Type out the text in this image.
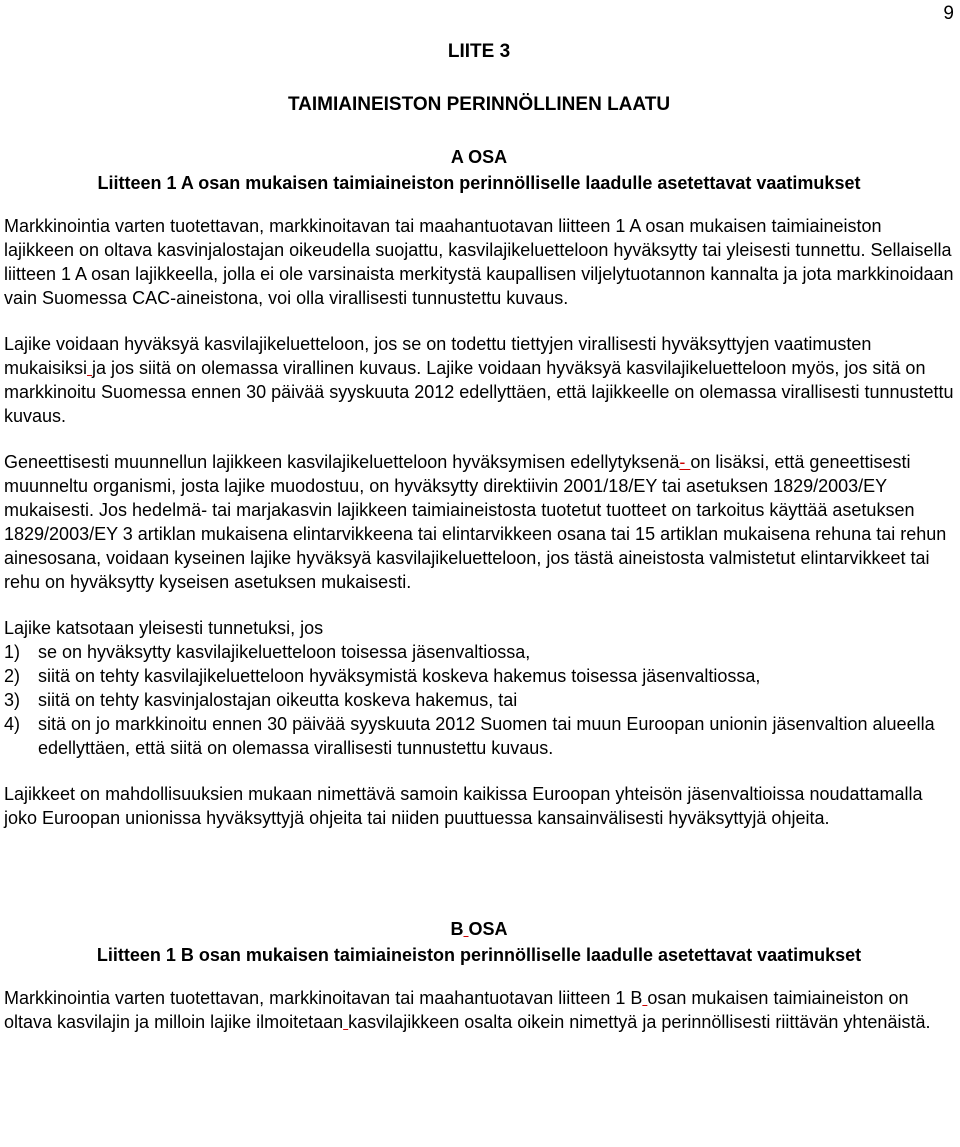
9
LIITE 3
TAIMIAINEISTON PERINNÖLLINEN LAATU
A OSA
Liitteen 1 A osan mukaisen taimiaineiston perinnölliselle laadulle asetettavat vaatimukset

Markkinointia varten tuotettavan, markkinoitavan tai maahantuotavan liitteen 1 A osan mukaisen taimiaineiston lajikkeen on oltava kasvinjalostajan oikeudella suojattu, kasvilajikeluetteloon hyväksytty tai yleisesti tunnettu. Sellaisella liitteen 1 A osan lajikkeella, jolla ei ole varsinaista merkitystä kaupallisen viljelytuotannon kannalta ja jota markkinoidaan vain Suomessa CAC-aineistona, voi olla virallisesti tunnustettu kuvaus.

Lajike voidaan hyväksyä kasvilajikeluetteloon, jos se on todettu tiettyjen virallisesti hyväksyttyjen vaatimusten mukaisiksi ja jos siitä on olemassa virallinen kuvaus. Lajike voidaan hyväksyä kasvilajikeluetteloon myös, jos sitä on markkinoitu Suomessa ennen 30 päivää syyskuuta 2012 edellyttäen, että lajikkeelle on olemassa virallisesti tunnustettu kuvaus.

Geneettisesti muunnellun lajikkeen kasvilajikeluetteloon hyväksymisen edellytyksenä- on lisäksi, että geneettisesti muunneltu organismi, josta lajike muodostuu, on hyväksytty direktiivin 2001/18/EY tai asetuksen 1829/2003/EY mukaisesti. Jos hedelmä- tai marjakasvin lajikkeen taimiaineistosta tuotetut tuotteet on tarkoitus käyttää asetuksen 1829/2003/EY 3 artiklan mukaisena elintarvikkeena tai elintarvikkeen osana tai 15 artiklan mukaisena rehuna tai rehun ainesosana, voidaan kyseinen lajike hyväksyä kasvilajikeluetteloon, jos tästä aineistosta valmistetut elintarvikkeet tai rehu on hyväksytty kyseisen asetuksen mukaisesti.

Lajike katsotaan yleisesti tunnetuksi, jos
1) se on hyväksytty kasvilajikeluetteloon toisessa jäsenvaltiossa,
2) siitä on tehty kasvilajikeluetteloon hyväksymistä koskeva hakemus toisessa jäsenvaltiossa,
3) siitä on tehty kasvinjalostajan oikeutta koskeva hakemus, tai
4) sitä on jo markkinoitu ennen 30 päivää syyskuuta 2012 Suomen tai muun Euroopan unionin jäsenvaltion alueella edellyttäen, että siitä on olemassa virallisesti tunnustettu kuvaus.

Lajikkeet on mahdollisuuksien mukaan nimettävä samoin kaikissa Euroopan yhteisön jäsenvaltioissa noudattamalla joko Euroopan unionissa hyväksyttyjä ohjeita tai niiden puuttuessa kansainvälisesti hyväksyttyjä ohjeita.

B OSA
Liitteen 1 B osan mukaisen taimiaineiston perinnölliselle laadulle asetettavat vaatimukset

Markkinointia varten tuotettavan, markkinoitavan tai maahantuotavan liitteen 1 B osan mukaisen taimiaineiston on oltava kasvilajin ja milloin lajike ilmoitetaan kasvilajikkeen osalta oikein nimettyä ja perinnöllisesti riittävän yhtenäistä.
